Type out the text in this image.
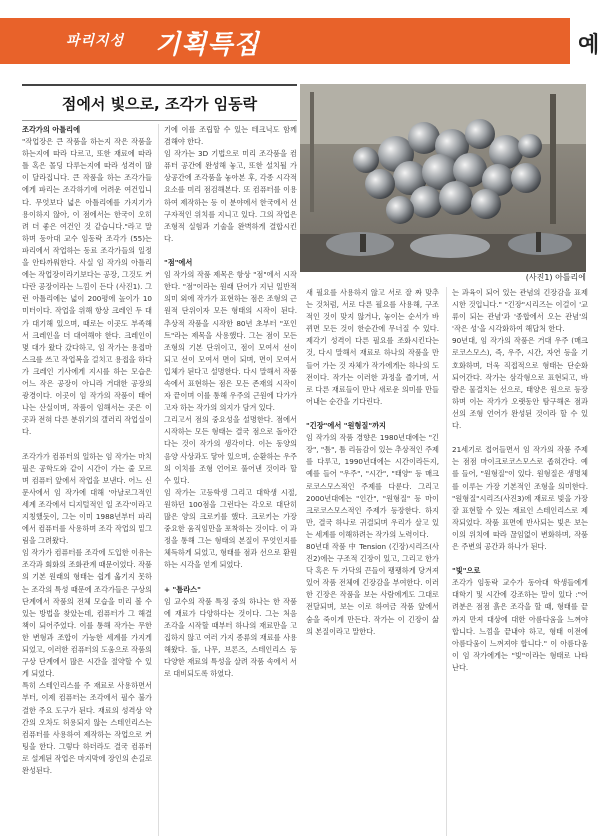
파리지성 기획특집	예
점에서 빛으로, 조각가 임동락
(사진1) 아틀리에

조각가의 아틀리에

"작업장은 큰 작품을 하는지 작은 작품을 하는지에 따라 다르고, 또한 재료에 따라 틀 혹은 몰딩 다루는지에 따라 성격이 많이 달라집니다. 큰 작품을 하는 조각가들에게 파리는 조각하기에 어려운 여건입니다. 무엇보다 넓은 아틀리에를 가지기가 용이하지 않아, 이 점에서는 한국이 오히려 더 좋은 여건인 것 같습니다."라고 말하며 동아대 교수 임동락 조각가 (55)는 파리에서 작업하는 동료 조각가들의 일정을 안타까워한다. 사실 임 작가의 아틀리에는 작업장이라기보다는 공장, 그것도 커다란 공장이라는 느낌이 든다 (사진1). 그런 아틀리에는 넓이 200평에 높이가 10미터이다. 작업을 위해 항상 크레인 두 대가 대기해 있으며, 때로는 이곳도 부족해서 크레인을 더 대여해야 한다. 크레인이 몇 대가 왔다 갔다하고, 임 작가는 용접마스크를 쓰고 작업복을 걸치고 용접을 하다가 크레인 기사에게 지시를 하는 모습은 어느 작은 공장이 아니라 거대한 공장의 광경이다. 이곳이 임 작가의 작품이 태어나는 산실이며, 작품이 임해서는 곳은 이곳과 전혀 다른 분위기의 갤러리 작업실이다.

조각가가 컴퓨터의 일하는 임 작가는 마치 필은 공학도와 같이 시간이 가는 줄 모르며 컴퓨터 앞에서 작업을 보낸다. 어느 신문사에서 임 작가에 대해 '아날로그적인 세계 조각에서 디지털적인 일 조각'이라고 지칭했듯이, 그는 이미 1988년부터 파리에서 컴퓨터를 사용하며 조각 작업의 밑그림을 그려왔다.

임 작가가 컴퓨터를 조각에 도입한 이유는 조각과 회화의 조화관계 때문이었다. 작품의 기본 원래의 형태는 쉽게 옮기지 못하는 조각의 특성 때문에 조각가들은 구상의 단계에서 작품의 전체 모습을 미리 볼 수 있는 방법을 찾았는데, 컴퓨터가 그 해결책이 되어주었다. 이를 통해 작가는 무한한 변형과 조합이 가능한 세계를 가지게 되었고, 이러한 컴퓨터의 도움으로 작품의 구상 단계에서 많은 시간을 절약할 수 있게 되었다.

특히 스테인리스를 주 재료로 사용하면서부터, 이제 컴퓨터는 조각에서 필수 불가결한 주요 도구가 된다. 재료의 성격상 약간의 오차도 허용되지 않는 스테인리스는 컴퓨터를 사용하여 제작하는 작업으로 커팅을 한다. 그렇다 하더라도 결국 컴퓨터로 설계된 작업은 마지막에 장인의 손길로 완성된다.

기에 이를 조립할 수 있는 테크닉도 함께 겸해야 한다.

임 작가는 3D 기법으로 미리 조각품을 컴퓨터 공간에 완성해 놓고, 또한 설치될 가상공간에 조각품을 놓아본 후, 각종 시각적 요소를 미리 점검해본다. 또 컴퓨터를 이용하여 제작하는 등 이 분야에서 한국에서 선구자적인 위치를 지니고 있다. 그의 작업은 조형적 실험과 기술을 완벽하게 결합시킨다.

"점"에서

임 작가의 작품 제목은 항상 "점"에서 시작한다. "점"이라는 원래 단어가 지닌 일반적 의미 외에 작가가 표현하는 점은 조형의 근원적 단위이자 모든 형태의 시작이 된다. 추상적 작품을 시작한 80년 초부터 "포인트"라는 제목을 사용했다. 그는 점이 모든 조형의 기본 단위이고, 점이 모여서 선이 되고 선이 모여서 면이 되며, 면이 모여서 입체가 된다고 설명한다. 다시 말해서 작품 속에서 표현하는 점은 모든 존재의 시작이자 끝이며 이를 통해 우주의 근원에 다가가고자 하는 작가의 의지가 담겨 있다.

그리고서 점의 중요성을 설명한다. 점에서 시작하는 모든 형태는 결국 점으로 돌아간다는 것이 작가의 생각이다. 이는 동양의 음양 사상과도 닿아 있으며, 순환하는 우주의 이치를 조형 언어로 풀어낸 것이라 할 수 있다.

임 작가는 고등학생 그리고 대학생 시절, 원하던 100점을 그런다는 각오로 대단히 많은 양의 크로키를 했다. 크로키는 가장 중요한 움직임만을 포착하는 것이다. 이 과정을 통해 그는 형태의 본질이 무엇인지를 체득하게 되었고, 형태를 점과 선으로 환원하는 시각을 얻게 되었다.

+ "틈라스"

임 교수의 작품 특징 중의 하나는 한 작품에 재료가 다양하다는 것이다. 그는 처음 조각을 시작할 때부터 하나의 재료만을 고집하지 않고 여러 가지 종류의 재료를 사용해왔다. 돌, 나무, 브론즈, 스테인리스 등 다양한 재료의 특성을 살려 작품 속에서 서로 대비되도록 하였다.

새 필요를 사용하지 않고 서로 잘 짜 맞추는 것처럼, 서로 다른 필요를 사용해, 구조적인 것이 맞지 않거나, 놓이는 순서가 바뀌면 모든 것이 한순간에 무너질 수 있다. 제각기 성격이 다른 필요를 조화시킨다는 것, 다시 말해서 재료로 하나의 작품을 만들어 가는 것 자체가 작가에게는 하나의 도전이다. 작가는 이러한 과정을 즐기며, 서로 다른 재료들이 만나 새로운 의미를 만들어내는 순간을 기다린다.

"긴장"에서 "원형질"까지

임 작가의 작품 경향은 1980년대에는 "긴장", "틈", 틈 리듬감이 있는 추상적인 주제를 다루고, 1990년대에는 시간이라든지, 예를 들어 "우주", "시간", "태양" 등 매크로코스모스적인 주제를 다룬다. 그리고 2000년대에는 "인간", "원형질" 등 마이크로코스모스적인 주제가 등장한다. 하지만, 결국 하나로 귀결되며 우리가 살고 있는 세계를 이해하려는 작가의 노력이다.

80년대 작품 中 Tension (긴장)시리즈(사진2)에는 구조적 긴장이 있고, 그리고 한가닥 혹은 두 가닥의 끈들이 팽팽하게 당겨져 있어 작품 전체에 긴장감을 부여한다. 이러한 긴장은 작품을 보는 사람에게도 그대로 전달되며, 보는 이로 하여금 작품 앞에서 숨을 죽이게 만든다. 작가는 이 긴장이 삶의 본질이라고 말한다.

는 과육이 되어 있는 관념의 긴장감을 표제시한 것입니다." "긴장"시리즈는 이걸이 '교류이 되는 관념'과 '종합에서 오는 관념'의 '작은 성'을 시각화하여 해답처 한다.

90년대, 임 작가의 작품은 거대 우주 (매크로코스모스), 즉, 우주, 시간, 자연 등을 기호화하며, 더욱 직접적으로 형태는 단순화되어간다. 작가는 삼각형으로 표현되고, 바람은 물결치는 선으로, 태양은 원으로 등장하며 이는 작가가 오랫동안 탐구해온 점과 선의 조형 언어가 완성된 것이라 할 수 있다.

21세기로 접어들면서 임 작가의 작품 주제는 점점 마이크로코스모스로 좁혀간다. 예를 들어, "원형질"이 있다. 원형질은 생명체를 이루는 가장 기본적인 조형을 의미한다. "원형질"시리즈(사진3)에 재료로 빛을 가장 잘 표현할 수 있는 재료인 스테인리스로 제작되었다. 작품 표면에 반사되는 빛은 보는 이의 위치에 따라 끊임없이 변화하며, 작품은 주변의 공간과 하나가 된다.

"빛"으로

조각가 임동락 교수가 동아대 학생들에게 대학기 및 시간에 강조하는 말이 있다 :"어려분은 점점 흙은 조각을 할 때, 형태를 끝까지 만져 대상에 대한 아름다움을 느껴야 합니다. 느낌을 끝내야 하고, 형태 이전에 아름다움이 느껴져야 합니다." 이 아름다움이 임 작가에게는 "빛"이라는 형태로 나타난다.
